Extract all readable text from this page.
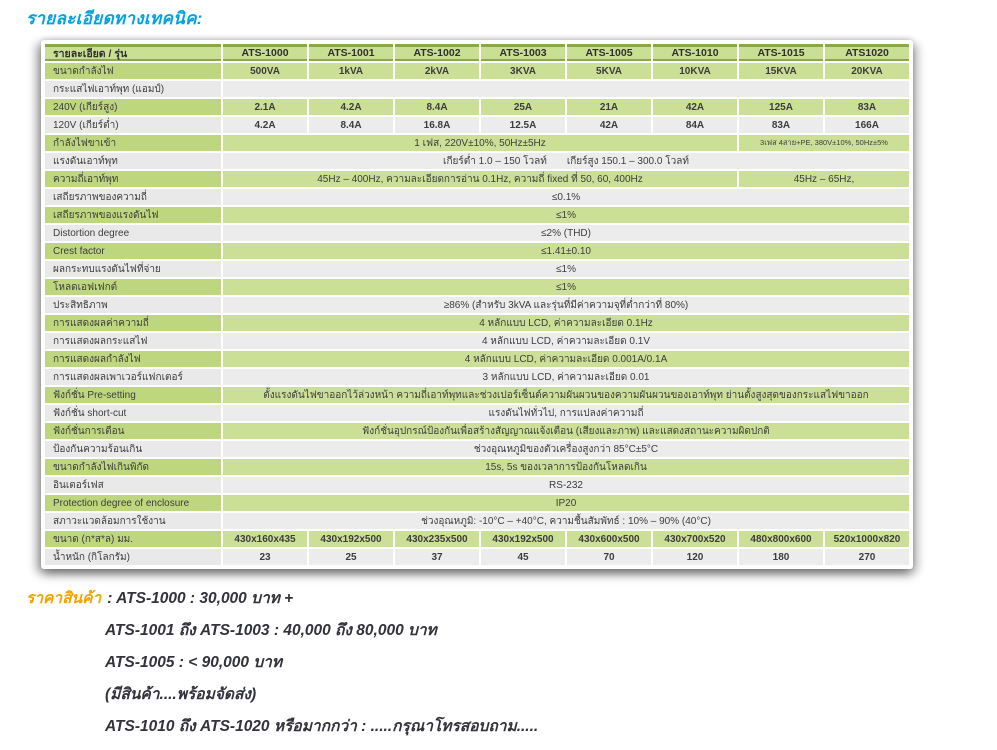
รายละเอียดทางเทคนิค:
รายละเอียด / รุ่น	ATS-1000	ATS-1001	ATS-1002	ATS-1003	ATS-1005	ATS-1010	ATS-1015	ATS1020
ขนาดกำลังไฟ	500VA	1kVA	2kVA	3KVA	5KVA	10KVA	15KVA	20KVA
กระแสไฟเอาท์พุท (แอมป์)
240V (เกียร์สูง)	2.1A	4.2A	8.4A	25A	21A	42A	125A	83A
120V (เกียร์ต่ำ)	4.2A	8.4A	16.8A	12.5A	42A	84A	83A	166A
กำลังไฟขาเข้า	1 เฟส, 220V±10%, 50Hz±5Hz	3เฟส 4สาย+PE, 380V±10%, 50Hz±5%
แรงดันเอาท์พุท	เกียร์ต่ำ 1.0 – 150 โวลท์  เกียร์สูง 150.1 – 300.0 โวลท์
ความถี่เอาท์พุท	45Hz – 400Hz, ความละเอียดการอ่าน 0.1Hz, ความถี่ fixed ที่ 50, 60, 400Hz	45Hz – 65Hz,
เสถียรภาพของความถี่	≤0.1%
เสถียรภาพของแรงดันไฟ	≤1%
Distortion degree	≤2% (THD)
Crest factor	≤1.41±0.10
ผลกระทบแรงดันไฟที่จ่าย	≤1%
โหลดเอฟเฟกต์	≤1%
ประสิทธิภาพ	≥86% (สำหรับ 3kVA และรุ่นที่มีค่าความจุที่ต่ำกว่าที่ 80%)
การแสดงผลค่าความถี่	4 หลักแบบ LCD, ค่าความละเอียด 0.1Hz
การแสดงผลกระแสไฟ	4 หลักแบบ LCD, ค่าความละเอียด 0.1V
การแสดงผลกำลังไฟ	4 หลักแบบ LCD, ค่าความละเอียด 0.001A/0.1A
การแสดงผลเพาเวอร์แฟกเตอร์	3 หลักแบบ LCD, ค่าความละเอียด 0.01
ฟังก์ชั่น Pre-setting	ตั้งแรงดันไฟขาออกไว้ล่วงหน้า ความถี่เอาท์พุทและช่วงเปอร์เซ็นต์ความผันผวนของความผันผวนของเอาท์พุท ย่านตั้งสูงสุดของกระแสไฟขาออก
ฟังก์ชั่น short-cut	แรงดันไฟทั่วไป, การแปลงค่าความถี่
ฟังก์ชั่นการเตือน	ฟังก์ชั่นอุปกรณ์ป้องกันเพื่อสร้างสัญญาณแจ้งเตือน (เสียงและภาพ) และแสดงสถานะความผิดปกติ
ป้องกันความร้อนเกิน	ช่วงอุณหภูมิของตัวเครื่องสูงกว่า 85°C±5°C
ขนาดกำลังไฟเกินพิกัด	15s, 5s ของเวลาการป้องกันโหลดเกิน
อินเตอร์เฟส	RS-232
Protection degree of enclosure	IP20
สภาวะแวดล้อมการใช้งาน	ช่วงอุณหภูมิ: -10°C – +40°C, ความชื้นสัมพัทธ์ : 10% – 90% (40°C)
ขนาด (ก*ส*ล) มม.	430x160x435	430x192x500	430x235x500	430x192x500	430x600x500	430x700x520	480x800x600	520x1000x820
น้ำหนัก (กิโลกรัม)	23	25	37	45	70	120	180	270
ราคาสินค้า : ATS-1000 : 30,000 บาท +
ATS-1001 ถึง ATS-1003 : 40,000 ถึง 80,000 บาท
ATS-1005 : < 90,000 บาท
(มีสินค้า....พร้อมจัดส่ง)
ATS-1010 ถึง ATS-1020 หรือมากกว่า : .....กรุณาโทรสอบถาม.....
